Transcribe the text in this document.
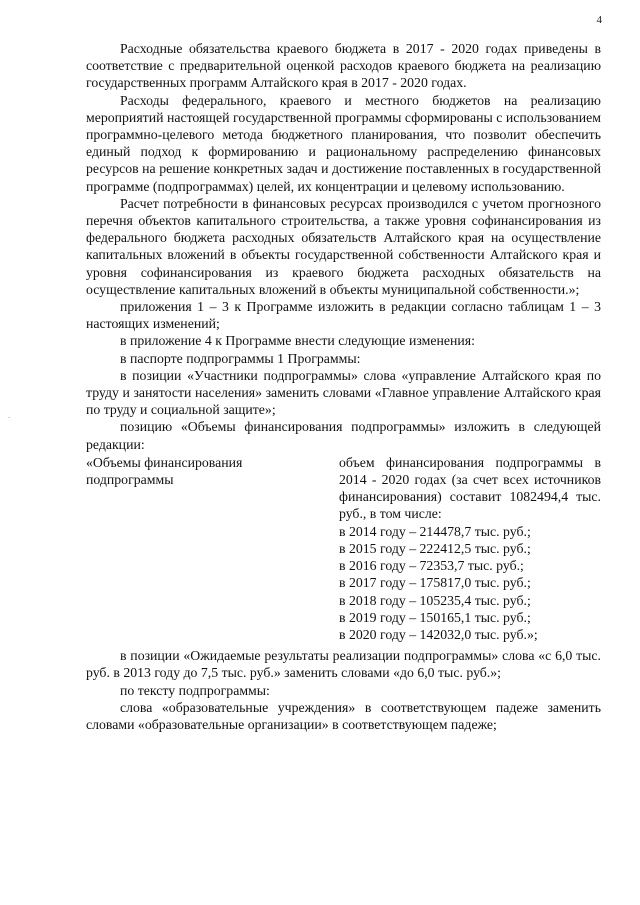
4
.

Расходные обязательства краевого бюджета в 2017 - 2020 годах приведены в соответствие с предварительной оценкой расходов краевого бюджета на реализацию государственных программ Алтайского края в 2017 - 2020 годах.

Расходы федерального, краевого и местного бюджетов на реализацию мероприятий настоящей государственной программы сформированы с использованием программно-целевого метода бюджетного планирования, что позволит обеспечить единый подход к формированию и рациональному распределению финансовых ресурсов на решение конкретных задач и достижение поставленных в государственной программе (подпрограммах) целей, их концентрации и целевому использованию.

Расчет потребности в финансовых ресурсах производился с учетом прогнозного перечня объектов капитального строительства, а также уровня софинансирования из федерального бюджета расходных обязательств Алтайского края на осуществление капитальных вложений в объекты государственной собственности Алтайского края и уровня софинансирования из краевого бюджета расходных обязательств на осуществление капитальных вложений в объекты муниципальной собственности.»;

приложения 1 – 3 к Программе изложить в редакции согласно таблицам 1 – 3 настоящих изменений;

в приложение 4 к Программе внести следующие изменения:

в паспорте подпрограммы 1 Программы:

в позиции «Участники подпрограммы» слова «управление Алтайского края по труду и занятости населения» заменить словами «Главное управление Алтайского края по труду и социальной защите»;

позицию «Объемы финансирования подпрограммы» изложить в следующей редакции:

«Объемы финансирования подпрограммы

объем финансирования подпрограммы в 2014 - 2020 годах (за счет всех источников финансирования) составит 1082494,4 тыс. руб., в том числе:

в 2014 году – 214478,7 тыс. руб.;

в 2015 году – 222412,5 тыс. руб.;

в 2016 году – 72353,7 тыс. руб.;

в 2017 году – 175817,0 тыс. руб.;

в 2018 году – 105235,4 тыс. руб.;

в 2019 году – 150165,1 тыс. руб.;

в 2020 году – 142032,0 тыс. руб.»;

в позиции «Ожидаемые результаты реализации подпрограммы» слова «с 6,0 тыс. руб. в 2013 году до 7,5 тыс. руб.» заменить словами «до 6,0 тыс. руб.»;

по тексту подпрограммы:

слова «образовательные учреждения» в соответствующем падеже заменить словами «образовательные организации» в соответствующем падеже;
